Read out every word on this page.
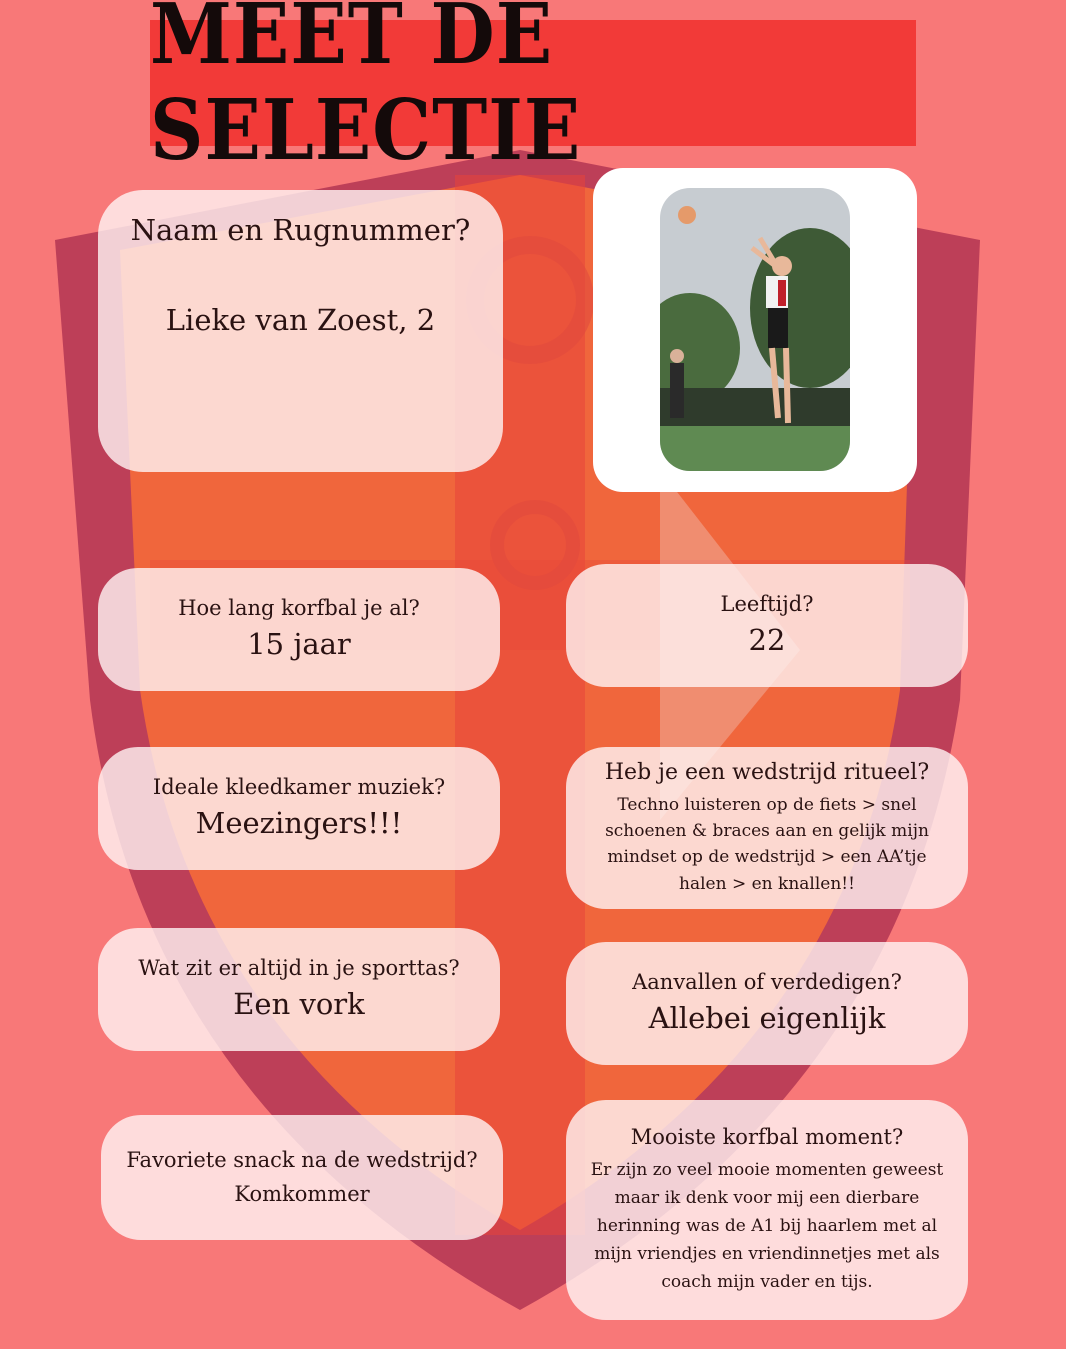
MEET DE SELECTIE
Naam en Rugnummer?
Lieke van Zoest, 2
Hoe lang korfbal je al?
15 jaar
Leeftijd?
22
Ideale kleedkamer muziek?
Meezingers!!!
Heb je een wedstrijd ritueel?
Techno luisteren op de fiets > snel schoenen & braces aan en gelijk mijn mindset op de wedstrijd > een AA’tje halen > en knallen!!
Wat zit er altijd in je sporttas?
Een vork
Aanvallen of verdedigen?
Allebei eigenlijk
Favoriete snack na de wedstrijd?
Komkommer
Mooiste korfbal moment?
Er zijn zo veel mooie momenten geweest maar ik denk voor mij een dierbare herinning was de A1 bij haarlem met al mijn vriendjes en vriendinnetjes met als coach mijn vader en tijs.
